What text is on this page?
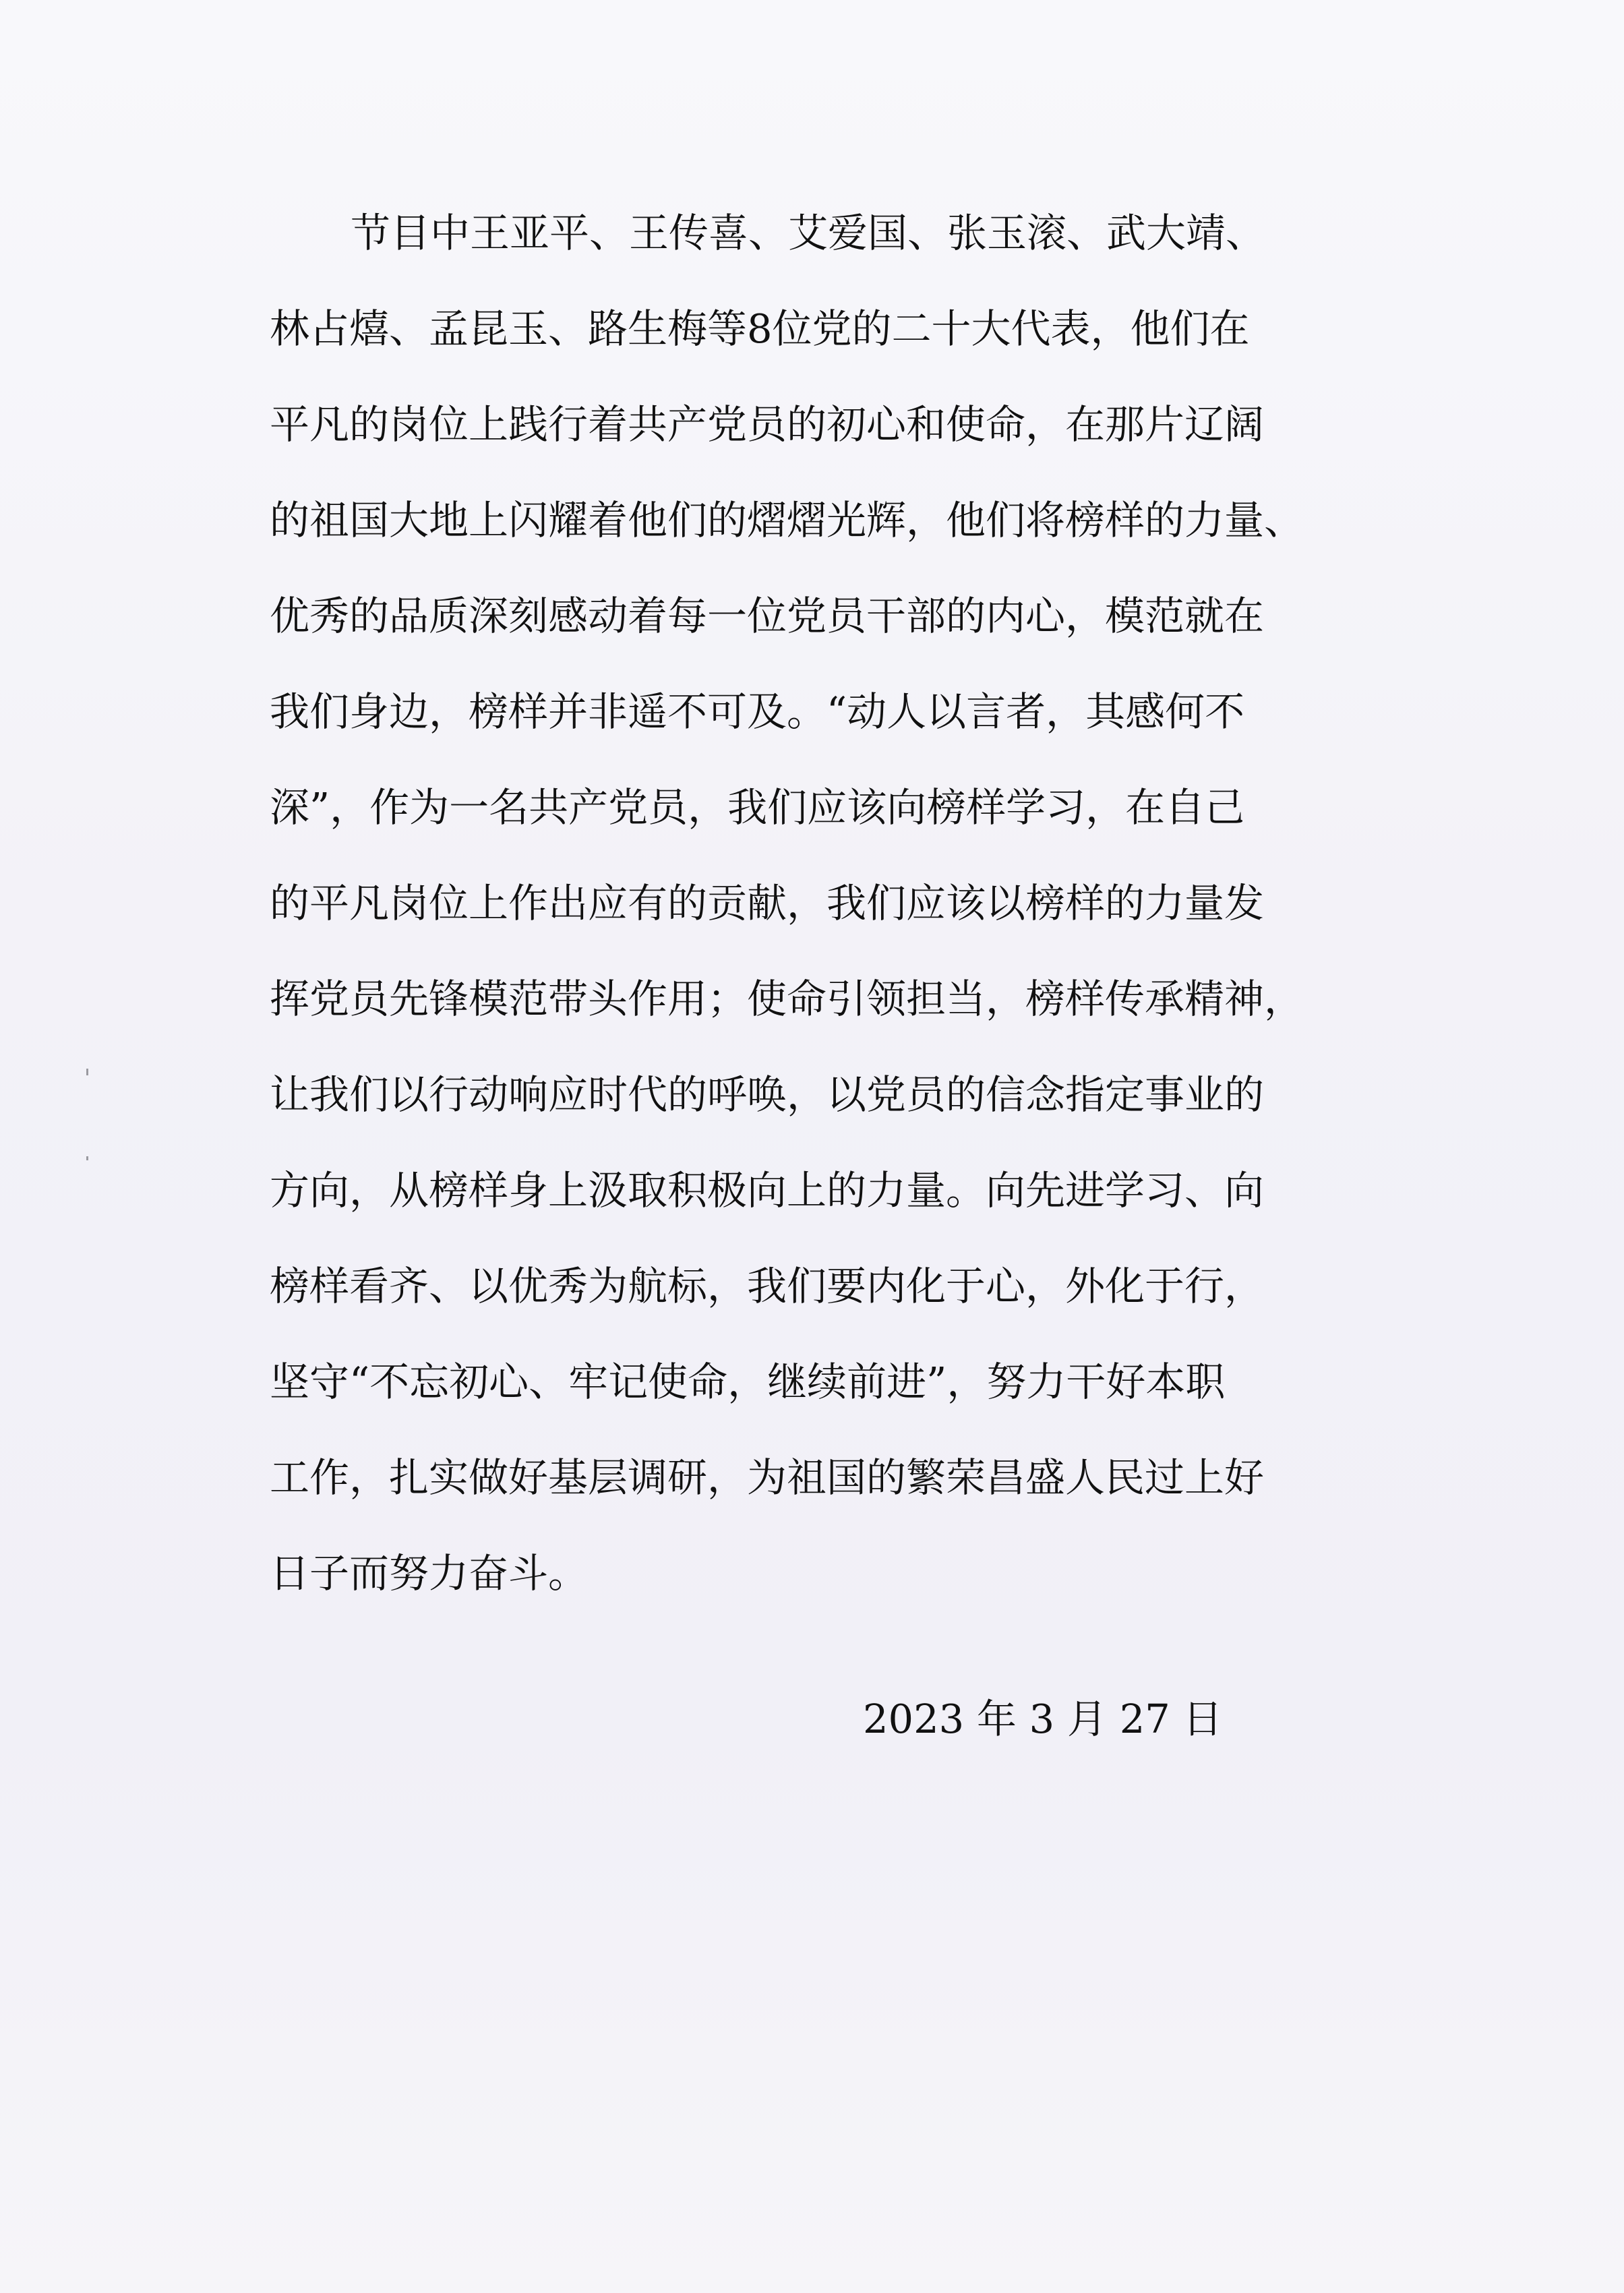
节目中王亚平、王传喜、艾爱国、张玉滚、武大靖、
林占熺、孟昆玉、路生梅等8位党的二十大代表，他们在
平凡的岗位上践行着共产党员的初心和使命，在那片辽阔
的祖国大地上闪耀着他们的熠熠光辉，他们将榜样的力量、
优秀的品质深刻感动着每一位党员干部的内心，模范就在
我们身边，榜样并非遥不可及。“动人以言者，其感何不
深”，作为一名共产党员，我们应该向榜样学习，在自己
的平凡岗位上作出应有的贡献，我们应该以榜样的力量发
挥党员先锋模范带头作用；使命引领担当，榜样传承精神，
让我们以行动响应时代的呼唤，以党员的信念指定事业的
方向，从榜样身上汲取积极向上的力量。向先进学习、向
榜样看齐、以优秀为航标，我们要内化于心，外化于行，
坚守“不忘初心、牢记使命，继续前进”，努力干好本职
工作，扎实做好基层调研，为祖国的繁荣昌盛人民过上好
日子而努力奋斗。
2023 年 3 月 27 日
